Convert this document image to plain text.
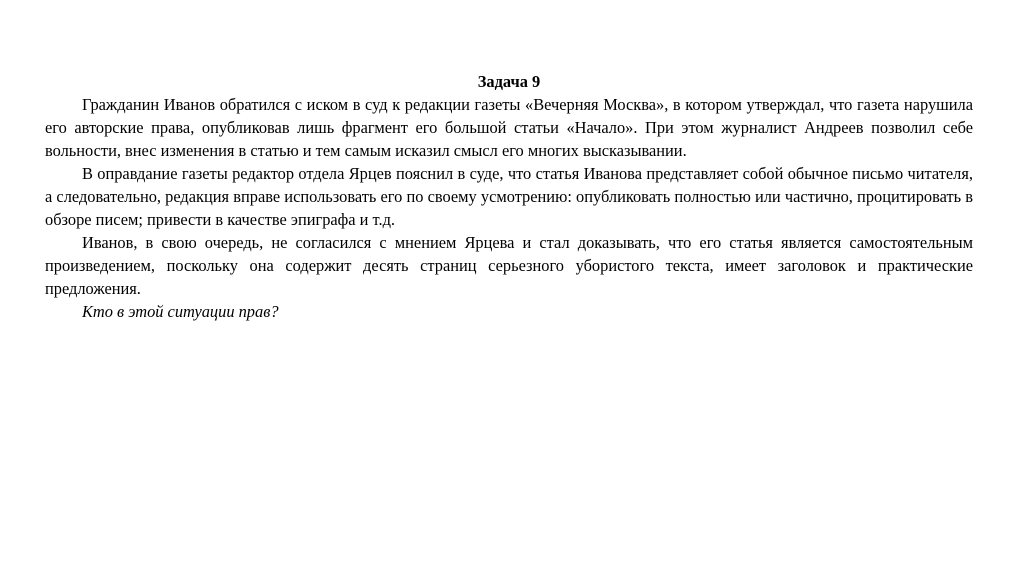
Задача 9

Гражданин Иванов обратился с иском в суд к редакции газеты «Вечерняя Москва», в котором утверждал, что газета нарушила его авторские права, опубликовав лишь фрагмент его большой статьи «Начало». При этом журналист Андреев позволил себе вольности, внес изменения в статью и тем самым исказил смысл его многих высказывании.

В оправдание газеты редактор отдела Ярцев пояснил в суде, что статья Иванова представляет собой обычное письмо читателя, а следовательно, редакция вправе использовать его по своему усмотрению: опубликовать полностью или частично, процитировать в обзоре писем; привести в качестве эпиграфа и т.д.

Иванов, в свою очередь, не согласился с мнением Ярцева и стал доказывать, что его статья является самостоятельным произведением, поскольку она содержит десять страниц серьезного убористого текста, имеет заголовок и практические предложения.

Кто в этой ситуации прав?
